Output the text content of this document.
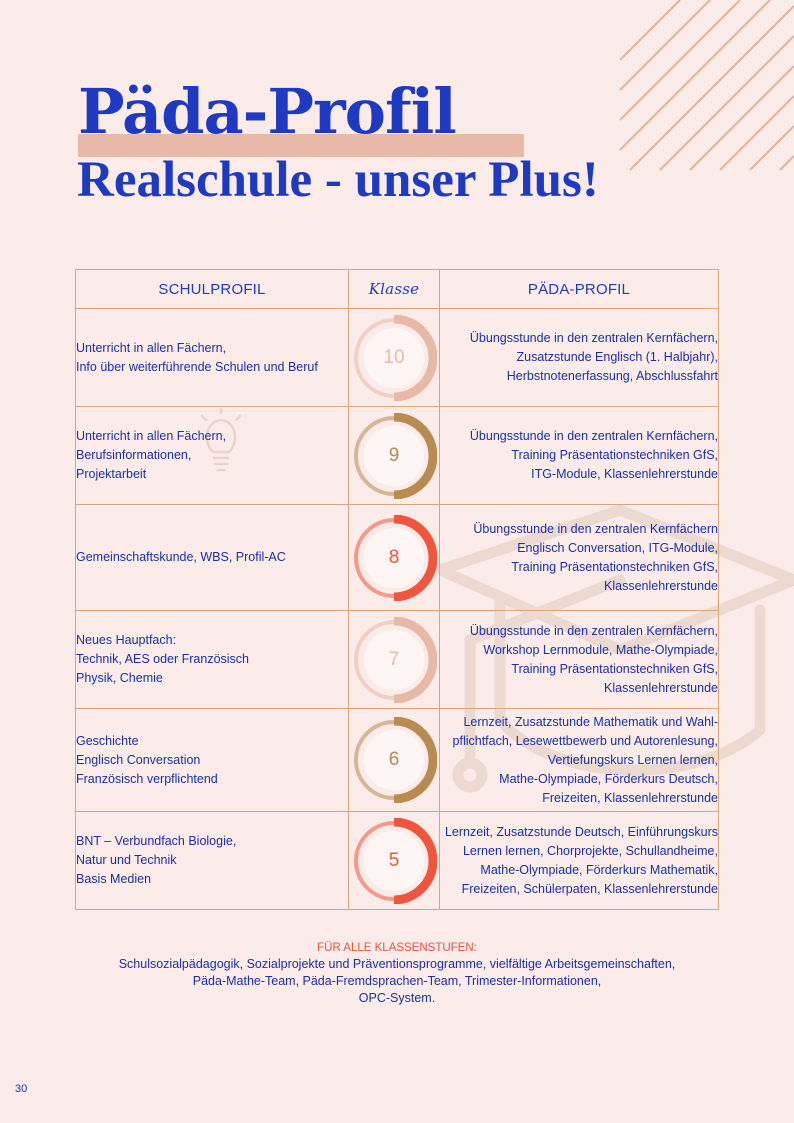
Päda-Profil
Realschule - unser Plus!
SCHULPROFIL	Klasse	PÄDA-PROFIL

Unterricht in allen Fächern,
Info über weiterführende Schulen und Beruf	10	Übungsstunde in den zentralen Kernfächern,
Zusatzstunde Englisch (1. Halbjahr),
Herbstnotenerfassung, Abschlussfahrt

Unterricht in allen Fächern,
Berufsinformationen,
Projektarbeit	9	Übungsstunde in den zentralen Kernfächern,
Training Präsentationstechniken GfS,
ITG-Module, Klassenlehrerstunde

Gemeinschaftskunde, WBS, Profil-AC	8	Übungsstunde in den zentralen Kernfächern
Englisch Conversation, ITG-Module,
Training Präsentationstechniken GfS,
Klassenlehrerstunde

Neues Hauptfach:
Technik, AES oder Französisch
Physik, Chemie	7	Übungsstunde in den zentralen Kernfächern,
Workshop Lernmodule, Mathe-Olympiade,
Training Präsentationstechniken GfS,
Klassenlehrerstunde

Geschichte
Englisch Conversation
Französisch verpflichtend	6	Lernzeit, Zusatzstunde Mathematik und Wahl-
pflichtfach, Lesewettbewerb und Autorenlesung,
Vertiefungskurs Lernen lernen,
Mathe-Olympiade, Förderkurs Deutsch,
Freizeiten, Klassenlehrerstunde

BNT – Verbundfach Biologie,
Natur und Technik
Basis Medien	5	Lernzeit, Zusatzstunde Deutsch, Einführungskurs
Lernen lernen, Chorprojekte, Schullandheime,
Mathe-Olympiade, Förderkurs Mathematik,
Freizeiten, Schülerpaten, Klassenlehrerstunde
FÜR ALLE KLASSENSTUFEN:
Schulsozialpädagogik, Sozialprojekte und Präventionsprogramme, vielfältige Arbeitsgemeinschaften,
Päda-Mathe-Team, Päda-Fremdsprachen-Team, Trimester-Informationen,
OPC-System.
30
